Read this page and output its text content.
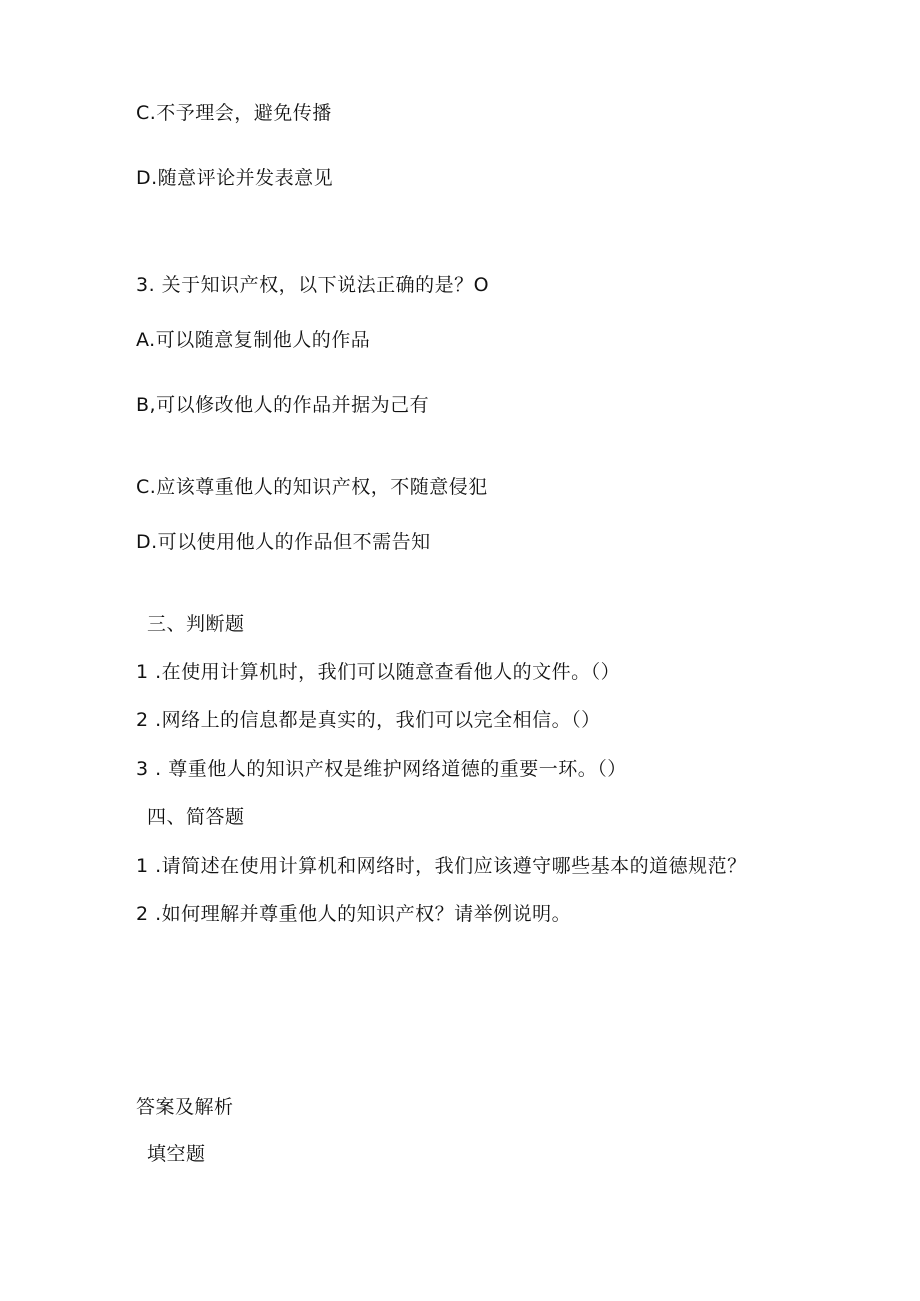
C.不予理会，避免传播
D.随意评论并发表意见
3. 关于知识产权，以下说法正确的是？O
A.可以随意复制他人的作品
B,可以修改他人的作品并据为己有
C.应该尊重他人的知识产权，不随意侵犯
D.可以使用他人的作品但不需告知
三、判断题
1 .在使用计算机时，我们可以随意查看他人的文件。（）
2 .网络上的信息都是真实的，我们可以完全相信。（）
3 . 尊重他人的知识产权是维护网络道德的重要一环。（）
四、简答题
1 .请简述在使用计算机和网络时，我们应该遵守哪些基本的道德规范？
2 .如何理解并尊重他人的知识产权？请举例说明。
答案及解析
填空题
